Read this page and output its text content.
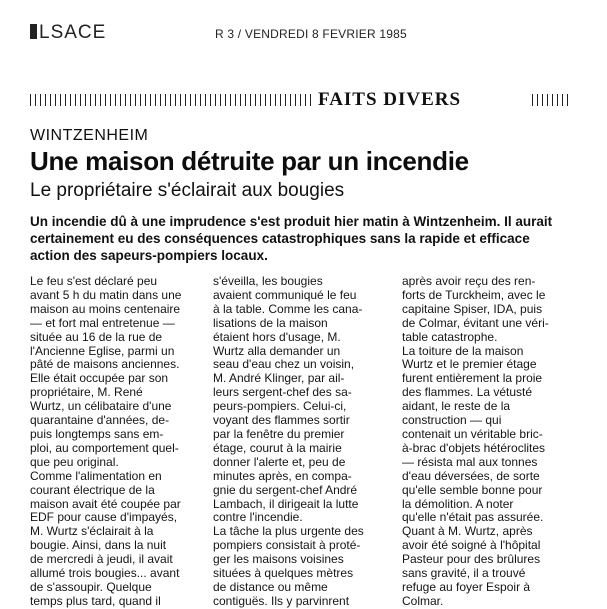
LSACE	R 3 / VENDREDI 8 FEVRIER 1985
FAITS DIVERS
WINTZENHEIM
Une maison détruite par un incendie
Le propriétaire s'éclairait aux bougies
Un incendie dû à une imprudence s'est produit hier matin à Wintzenheim. Il aurait
certainement eu des conséquences catastrophiques sans la rapide et efficace
action des sapeurs-pompiers locaux.
Le feu s'est déclaré peu
avant 5 h du matin dans une
maison au moins centenaire
— et fort mal entretenue —
située au 16 de la rue de
l'Ancienne Eglise, parmi un
pâté de maisons anciennes.
Elle était occupée par son
propriétaire, M. René
Wurtz, un célibataire d'une
quarantaine d'années, de-
puis longtemps sans em-
ploi, au comportement quel-
que peu original.
Comme l'alimentation en
courant électrique de la
maison avait été coupée par
EDF pour cause d'impayés,
M. Wurtz s'éclairait à la
bougie. Ainsi, dans la nuit
de mercredi à jeudi, il avait
allumé trois bougies... avant
de s'assoupir. Quelque
temps plus tard, quand il
s'éveilla, les bougies
avaient communiqué le feu
à la table. Comme les cana-
lisations de la maison
étaient hors d'usage, M.
Wurtz alla demander un
seau d'eau chez un voisin,
M. André Klinger, par ail-
leurs sergent-chef des sa-
peurs-pompiers. Celui-ci,
voyant des flammes sortir
par la fenêtre du premier
étage, courut à la mairie
donner l'alerte et, peu de
minutes après, en compa-
gnie du sergent-chef André
Lambach, il dirigeait la lutte
contre l'incendie.
La tâche la plus urgente des
pompiers consistait à proté-
ger les maisons voisines
situées à quelques mètres
de distance ou même
contiguës. Ils y parvinrent
après avoir reçu des ren-
forts de Turckheim, avec le
capitaine Spiser, IDA, puis
de Colmar, évitant une véri-
table catastrophe.
La toiture de la maison
Wurtz et le premier étage
furent entièrement la proie
des flammes. La vétusté
aidant, le reste de la
construction — qui
contenait un véritable bric-
à-brac d'objets hétéroclites
— résista mal aux tonnes
d'eau déversées, de sorte
qu'elle semble bonne pour
la démolition. A noter
qu'elle n'était pas assurée.
Quant à M. Wurtz, après
avoir été soigné à l'hôpital
Pasteur pour des brûlures
sans gravité, il a trouvé
refuge au foyer Espoir à
Colmar.
